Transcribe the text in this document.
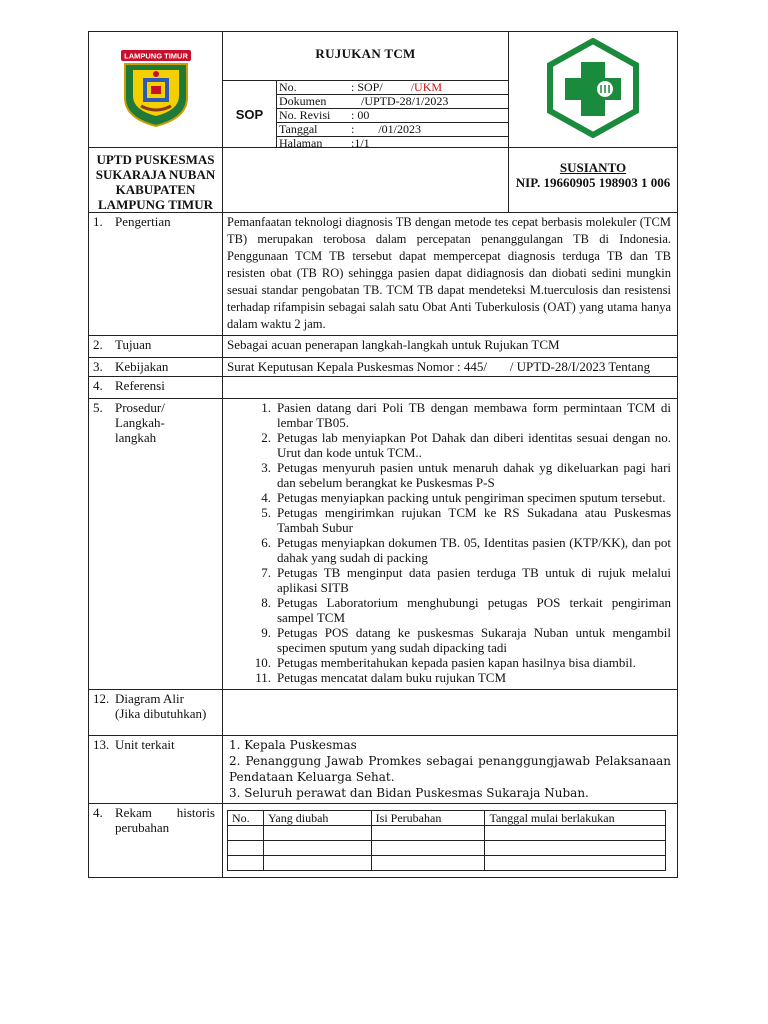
LAMPUNG TIMUR	RUJUKAN TCM	

SOP
No.	: SOP/ /UKM
Dokumen	/UPTD-28/1/2023
No. Revisi : 00
Tanggal	: /01/2023
Halaman :1/1

UPTD PUSKESMAS SUKARAJA NUBAN KABUPATEN LAMPUNG TIMUR		
SUSIANTO
NIP. 19660905 198903 1 006

1. Pengertian	Pemanfaatan teknologi diagnosis TB dengan metode tes cepat berbasis molekuler (TCM TB) merupakan terobosa dalam percepatan penanggulangan TB di Indonesia. Penggunaan TCM TB tersebut dapat mempercepat diagnosis terduga TB dan TB resisten obat (TB RO) sehingga pasien dapat didiagnosis dan diobati sedini mungkin sesuai standar pengobatan TB. TCM TB dapat mendeteksi M.tuerculosis dan resistensi terhadap rifampisin sebagai salah satu Obat Anti Tuberkulosis (OAT) yang utama hanya dalam waktu 2 jam.
2. Tujuan	Sebagai acuan penerapan langkah-langkah untuk Rujukan TCM
3. Kebijakan	Surat Keputusan Kepala Puskesmas Nomor : 445/       / UPTD-28/I/2023 Tentang
4. Referensi	

5. Prosedur/ Langkah-langkah

1. Pasien datang dari Poli TB dengan membawa form permintaan TCM di lembar TB05.
2. Petugas lab menyiapkan Pot Dahak dan diberi identitas sesuai dengan no. Urut dan kode untuk TCM..
3. Petugas menyuruh pasien untuk menaruh dahak yg dikeluarkan pagi hari dan sebelum berangkat ke Puskesmas P-S
4. Petugas menyiapkan packing untuk pengiriman specimen sputum tersebut.
5. Petugas mengirimkan rujukan TCM ke RS Sukadana atau Puskesmas Tambah Subur
6. Petugas menyiapkan dokumen TB. 05, Identitas pasien (KTP/KK), dan pot dahak yang sudah di packing
7. Petugas TB menginput data pasien terduga TB untuk di rujuk melalui aplikasi SITB
8. Petugas Laboratorium menghubungi petugas POS terkait pengiriman sampel TCM
9. Petugas POS datang ke puskesmas Sukaraja Nuban untuk mengambil specimen sputum yang sudah dipacking tadi
10. Petugas memberitahukan kepada pasien kapan hasilnya bisa diambil.
11. Petugas mencatat dalam buku rujukan TCM

12. Diagram Alir (Jika dibutuhkan)

13. Unit terkait	1. Kepala Puskesmas
2. Penanggung Jawab Promkes sebagai penanggungjawab Pelaksanaan Pendataan Keluarga Sehat.
3. Seluruh perawat dan Bidan Puskesmas Sukaraja Nuban.

4. Rekam historis perubahan

No.	Yang diubah	Isi Perubahan	Tanggal mulai berlakukan
